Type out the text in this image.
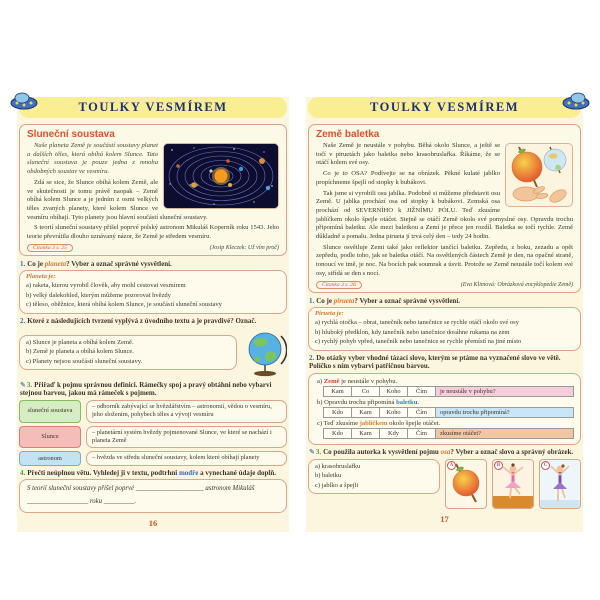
TOULKY VESMÍREM
Sluneční soustava

Naše planeta Země je součástí soustavy planet a dalších těles, která obíhá kolem Slunce. Tato sluneční soustava je pouze jedna z mnoha obdobných soustav ve vesmíru.

Zdá se sice, že Slunce obíhá kolem Země, ale ve skutečnosti je tomu právě naopak – Země obíhá kolem Slunce a je jedním z osmi velkých těles zvaných planety, které kolem Slunce ve vesmíru obíhají. Tyto planety jsou hlavní součástí sluneční soustavy.

S teorií sluneční soustavy přišel poprvé polský astronom Mikuláš Koperník roku 1543. Jeho teorie převrátila dlouho uznávaný názor, že Země je středem vesmíru.

Čítanka 3 s. 25	(Josip Kleczek: Už vím proč)
1. Co je planeta? Vyber a označ správné vysvětlení.
Planeta je:
a) raketa, kterou vyrobil člověk, aby mohl cestovat vesmírem
b) velký dalekohled, kterým můžeme pozorovat hvězdy
c) těleso, oběžnice, která obíhá kolem Slunce, je součástí sluneční soustavy
2. Které z následujících tvrzení vyplývá z úvodního textu a je pravdivé? Označ.
a) Slunce je planeta a obíhá kolem Země.
b) Země je planeta a obíhá kolem Slunce.
c) Planety nejsou součástí sluneční soustavy.
✎3. Přiřaď k pojmu správnou definici. Rámečky spoj a pravý obtáhni nebo vybarvi stejnou barvou, jakou má rámeček s pojmem.
sluneční soustava
– odborník zabývající se hvězdářstvím – astronomií, vědou o vesmíru, jeho složením, pohybech těles a vývoji vesmíru
Slunce
– planetární systém hvězdy pojmenované Slunce, ve které se nachází i planeta Země
astronom	– hvězda ve středu sluneční soustavy, kolem které obíhají planety
4. Přečti neúplnou větu. Vyhledej ji v textu, podtrhni modře a vynechané údaje doplň.
S teorií sluneční soustavy přišel poprvé ____________________ astronom Mikuláš
__________________ roku _________.
16
TOULKY VESMÍREM
Země baletka

Naše Země je neustále v pohybu. Běhá okolo Slunce, a ještě se točí v piruetách jako baletka nebo krasobruslařka. Říkáme, že se otáčí kolem své osy.

Co je to OSA? Podívejte se na obrázek. Pěkné kulaté jablko propíchneme špejlí od stopky k bubákovi.

Tak jsme si vyrobili osu jablka. Podobně si můžeme představit osu Země. U jablka prochází osa od stopky k bubákovi. Zemská osa prochází od SEVERNÍHO k JIŽNÍMU PÓLU. Teď zkusíme jablíčkem okolo špejle otáčet. Stejně se otáčí Země okolo své pomyslné osy. Opravdu trochu připomíná baletku. Ale mezi baletkou a Zemí je přece jen rozdíl. Baletka se točí rychle. Země důkladně a pomalu. Jedna pirueta jí trvá celý den – tedy 24 hodin.

Slunce osvětluje Zemi také jako reflektor tančící baletku. Zepředu, z boku, zezadu a opět zepředu, podle toho, jak se baletka otáčí. Na osvětlených částech Země je den, na opačné straně, tonoucí ve tmě, je noc. Na bocích pak soumrak a úsvit. Protože se Země neustále točí kolem své osy, střídá se den s nocí.

Čítanka 3 s. 26	(Eva Klimová: Obrázková encyklopedie Země)
1. Co je pirueta? Vyber a označ správné vysvětlení.
Pirueta je:
a) rychlá otočka – obrat, tanečník nebo tanečnice se rychle otáčí okolo své osy
b) hluboký předklon, kdy tanečník nebo tanečnice dosáhne rukama na zem
c) rychlý pohyb vpřed, tanečník nebo tanečnice se rychle přemístí na jiné místo
2. Do otázky vyber vhodné tázací slovo, kterým se ptáme na vyznačené slovo ve větě. Políčko s ním vybarvi patřičnou barvou.
a) Země je neustále v pohybu.
Kam	Co	Koho	Čím	je neustále v pohybu?
b) Opravdu trochu připomíná baletku.
Kdo	Kam	Koho	Čím	opravdu trochu připomíná?
c) Teď zkusíme jablíčkem okolo špejle otáčet.
Kdo	Kam	Kdy	Čím	zkusíme otáčet?
✎3. Co použila autorka k vysvětlení pojmu osa? Vyber a označ slovo a správný obrázek.
a) krasobruslařku
b) baletku
c) jablko a špejli
A	B	C
17
